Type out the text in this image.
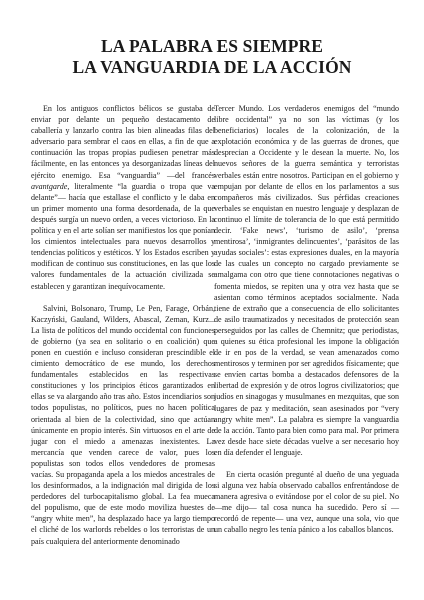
LA PALABRA ES SIEMPRE
LA VANGUARDIA DE LA ACCIÓN

En los antiguos conflictos bélicos se gustaba de enviar por delante un pequeño destacamento de caballería y lanzarlo contra las bien alineadas filas del adversario para sembrar el caos en ellas, a fin de que a continuación las tropas propias pudiesen penetrar más fácilmente, en las entonces ya desorganizadas líneas del ejército enemigo. Esa “vanguardia” —del francés avantgarde, literalmente “la guardia o tropa que va delante”— hacía que estallase el conflicto y le daba en un primer momento una forma desordenada, de la que después surgía un nuevo orden, a veces victorioso. En la política y en el arte solían ser manifiestos los que ponían los cimientos intelectuales para nuevos desarrollos y tendencias políticos y estéticos. Y los Estados escriben y modifican de continuo sus constituciones, en las que los valores fundamentales de la actuación civilizada se establecen y garantizan inequívocamente.

Salvini, Bolsonaro, Trump, Le Pen, Farage, Orbán, Kaczyński, Gauland, Wilders, Abascal, Zeman, Kurz... La lista de políticos del mundo occidental con funciones de gobierno (ya sea en solitario o en coalición) que ponen en cuestión e incluso consideran prescindible el cimiento democrático de ese mundo, los derechos fundamentales establecidos en las respectivas constituciones y los principios éticos garantizados en ellas se va alargando año tras año. Estos incendiarios son todos populistas, no políticos, pues no hacen política orientada al bien de la colectividad, sino que actúan únicamente en propio interés. Sin virtuosos en el arte de jugar con el miedo a amenazas inexistentes. La mercancía que venden carece de valor, pues los populistas son todos ellos vendedores de promesas vacías. Su propaganda apela a los miedos ancestrales de los desinformados, a la indignación mal dirigida de los perdedores del turbocapitalismo global. La fea mueca del populismo, que de este modo moviliza huestes de “angry white men”, ha desplazado hace ya largo tiempo el cliché de los warlords rebeldes o los terroristas de un país cualquiera del anteriormente denominado

Tercer Mundo. Los verdaderos enemigos del “mundo libre occidental” ya no son las víctimas (y los beneficiarios) locales de la colonización, de la explotación económica y de las guerras de drones, que desprecian a Occidente y le desean la muerte. No, los nuevos señores de la guerra semántica y terroristas verbales están entre nosotros. Participan en el gobierno y empujan por delante de ellos en los parlamentos a sus compañeros más civilizados. Sus pérfidas creaciones verbales se enquistan en nuestro lenguaje y desplazan de continuo el límite de tolerancia de lo que está permitido decir. ‘Fake news’, ‘turismo de asilo’, ‘prensa mentirosa’, ‘inmigrantes delincuentes’, ‘parásitos de las ayudas sociales’: estas expresiones duales, en la mayoría de las cuales un concepto no cargado previamente se amalgama con otro que tiene connotaciones negativas o fomenta miedos, se repiten una y otra vez hasta que se asientan como términos aceptados socialmente. Nada tiene de extraño que a consecuencia de ello solicitantes de asilo traumatizados y necesitados de protección sean perseguidos por las calles de Chemnitz; que periodistas, a quienes su ética profesional les impone la obligación de ir en pos de la verdad, se vean amenazados como mentirosos y terminen por ser agredidos físicamente; que se envíen cartas bomba a destacados defensores de la libertad de expresión y de otros logros civilizatorios; que judíos en sinagogas y musulmanes en mezquitas, que son lugares de paz y meditación, sean asesinados por “very angry white men”. La palabra es siempre la vanguardia de la acción. Tanto para bien como para mal. Por primera vez desde hace siete décadas vuelve a ser necesario hoy en día defender el lenguaje.

En cierta ocasión pregunté al dueño de una yeguada si alguna vez había observado caballos enfrentándose de manera agresiva o evitándose por el color de su piel. No —me dijo— tal cosa nunca ha sucedido. Pero sí —recordó de repente— una vez, aunque una sola, vio que un caballo negro les tenía pánico a los caballos blancos.
